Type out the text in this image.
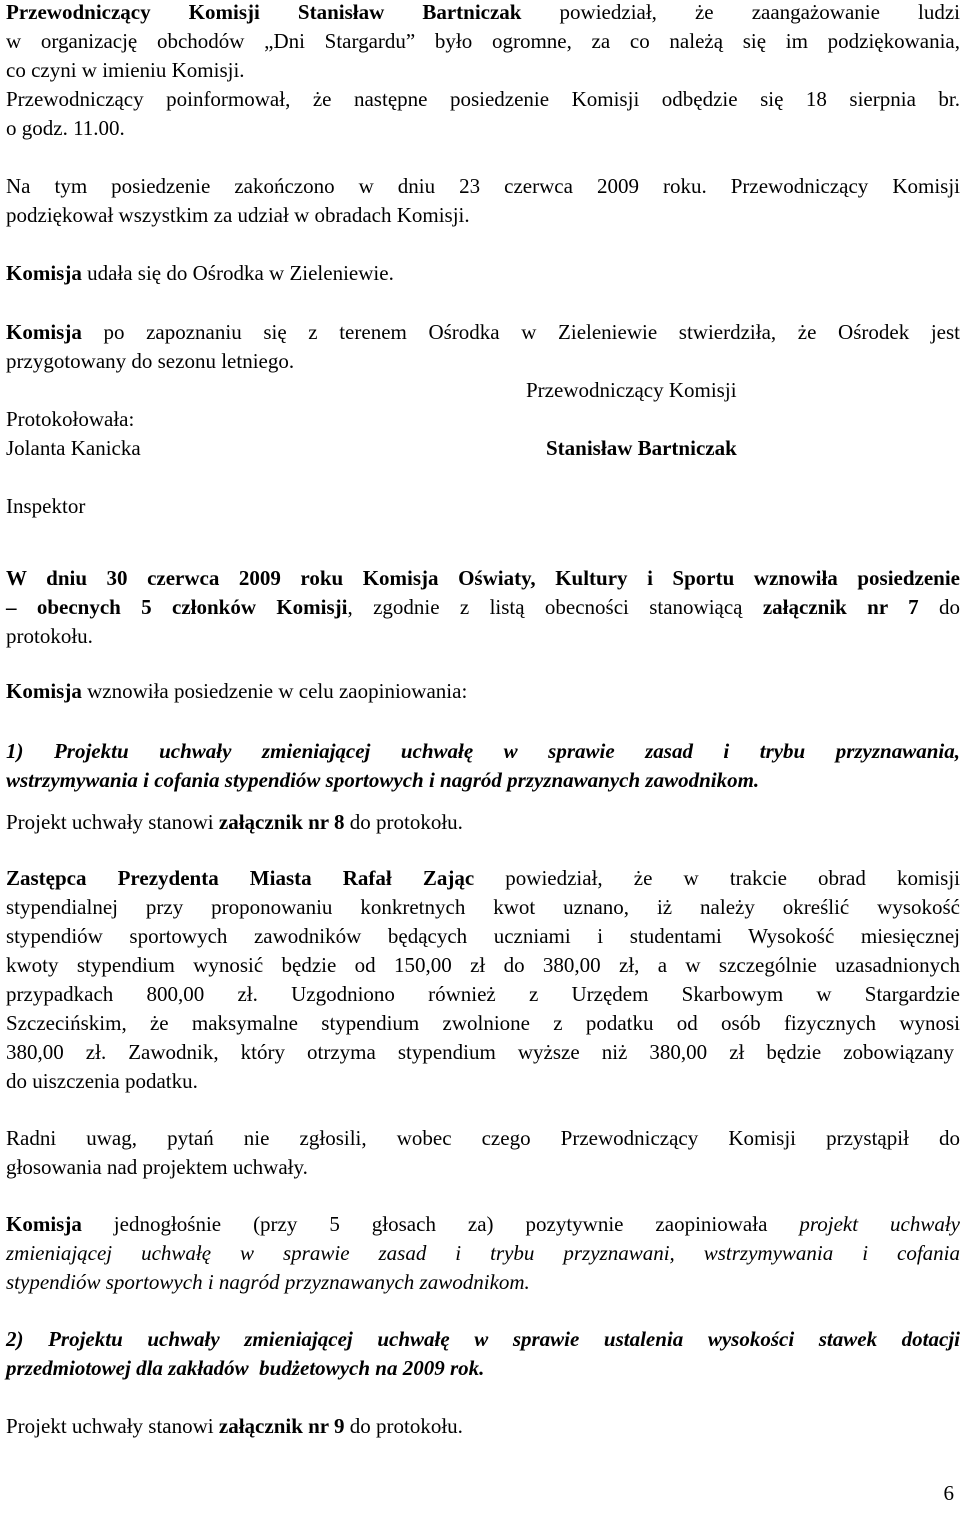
Przewodniczący Komisji Stanisław Bartniczak powiedział, że zaangażowanie ludzi
w organizację obchodów „Dni Stargardu” było ogromne, za co należą się im podziękowania,
co czyni w imieniu Komisji.
Przewodniczący poinformował, że następne posiedzenie Komisji odbędzie się 18 sierpnia br.
o godz. 11.00.
Na tym posiedzenie zakończono w dniu 23 czerwca 2009 roku. Przewodniczący Komisji
podziękował wszystkim za udział w obradach Komisji.
Komisja udała się do Ośrodka w Zieleniewie.
Komisja po zapoznaniu się z terenem Ośrodka w Zieleniewie stwierdziła, że Ośrodek jest
przygotowany do sezonu letniego.
Przewodniczący Komisji
Protokołowała:
Jolanta Kanicka	Stanisław Bartniczak
Inspektor
W dniu 30 czerwca 2009 roku Komisja Oświaty, Kultury i Sportu wznowiła posiedzenie
– obecnych 5 członków Komisji, zgodnie z listą obecności stanowiącą załącznik nr 7 do
protokołu.
Komisja wznowiła posiedzenie w celu zaopiniowania:
1) Projektu uchwały zmieniającej uchwałę w sprawie zasad i trybu przyznawania,
wstrzymywania i cofania stypendiów sportowych i nagród przyznawanych zawodnikom.
Projekt uchwały stanowi załącznik nr 8 do protokołu.
Zastępca Prezydenta Miasta Rafał Zając powiedział, że w trakcie obrad komisji
stypendialnej przy proponowaniu konkretnych kwot uznano, iż należy określić wysokość
stypendiów sportowych zawodników będących uczniami i studentami Wysokość miesięcznej
kwoty stypendium wynosić będzie od 150,00 zł do 380,00 zł, a w szczególnie uzasadnionych
przypadkach 800,00 zł. Uzgodniono również z Urzędem Skarbowym w Stargardzie
Szczecińskim, że maksymalne stypendium zwolnione z podatku od osób fizycznych wynosi
380,00 zł. Zawodnik, który otrzyma stypendium wyższe niż 380,00 zł będzie zobowiązany
do uiszczenia podatku.
Radni uwag, pytań nie zgłosili, wobec czego Przewodniczący Komisji przystąpił do
głosowania nad projektem uchwały.
Komisja jednogłośnie (przy 5 głosach za) pozytywnie zaopiniowała projekt uchwały
zmieniającej uchwałę w sprawie zasad i trybu przyznawani, wstrzymywania i cofania
stypendiów sportowych i nagród przyznawanych zawodnikom.
2) Projektu uchwały zmieniającej uchwałę w sprawie ustalenia wysokości stawek dotacji
przedmiotowej dla zakładów  budżetowych na 2009 rok.
Projekt uchwały stanowi załącznik nr 9 do protokołu.
6
